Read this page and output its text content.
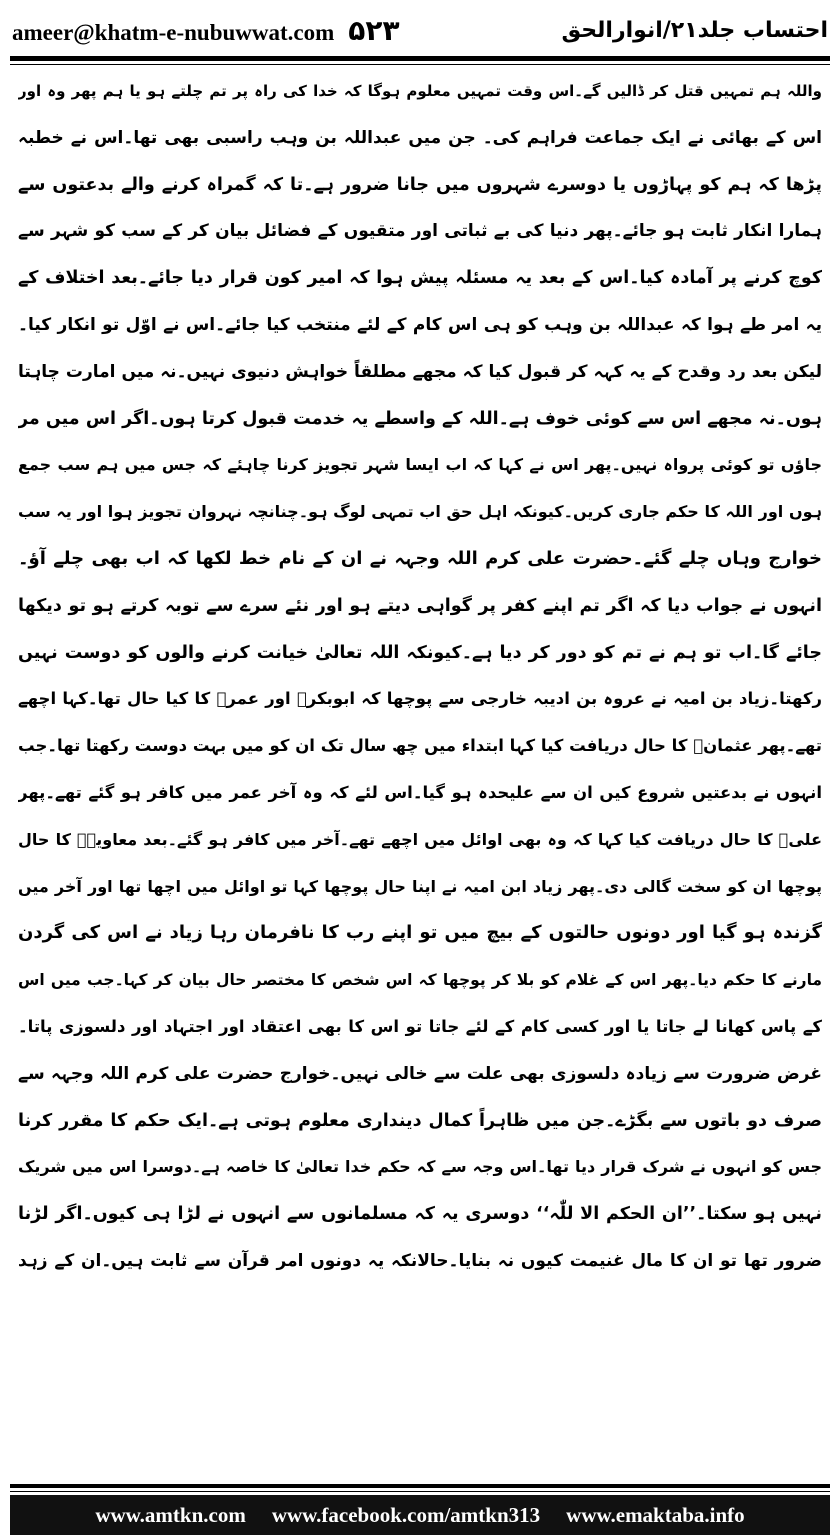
ameer@khatm-e-nubuwwat.com ۵۲۳	احتساب جلد۲۱/انوارالحق
واللہ ہم تمہیں قتل کر ڈالیں گے۔اس وقت تمہیں معلوم ہوگا کہ خدا کی راہ پر تم چلتے ہو یا ہم پھر وہ اور
اس کے بھائی نے ایک جماعت فراہم کی۔ جن میں عبداللہ بن وہب راسبی بھی تھا۔اس نے خطبہ
پڑھا کہ ہم کو پہاڑوں یا دوسرے شہروں میں جانا ضرور ہے۔تا کہ گمراہ کرنے والے بدعتوں سے
ہمارا انکار ثابت ہو جائے۔پھر دنیا کی بے ثباتی اور متقیوں کے فضائل بیان کر کے سب کو شہر سے
کوچ کرنے پر آمادہ کیا۔اس کے بعد یہ مسئلہ پیش ہوا کہ امیر کون قرار دیا جائے۔بعد اختلاف کے
یہ امر طے ہوا کہ عبداللہ بن وہب کو ہی اس کام کے لئے منتخب کیا جائے۔اس نے اوّل تو انکار کیا۔
لیکن بعد رد وقدح کے یہ کہہ کر قبول کیا کہ مجھے مطلقاً خواہش دنیوی نہیں۔نہ میں امارت چاہتا
ہوں۔نہ مجھے اس سے کوئی خوف ہے۔اللہ کے واسطے یہ خدمت قبول کرتا ہوں۔اگر اس میں مر
جاؤں تو کوئی پرواہ نہیں۔پھر اس نے کہا کہ اب ایسا شہر تجویز کرنا چاہئے کہ جس میں ہم سب جمع
ہوں اور اللہ کا حکم جاری کریں۔کیونکہ اہل حق اب تمہی لوگ ہو۔چنانچہ نہروان تجویز ہوا اور یہ سب
خوارج وہاں چلے گئے۔حضرت علی کرم اللہ وجہہ نے ان کے نام خط لکھا کہ اب بھی چلے آؤ۔
انہوں نے جواب دیا کہ اگر تم اپنے کفر پر گواہی دیتے ہو اور نئے سرے سے توبہ کرتے ہو تو دیکھا
جائے گا۔اب تو ہم نے تم کو دور کر دیا ہے۔کیونکہ اللہ تعالیٰ خیانت کرنے والوں کو دوست نہیں
رکھتا۔زیاد بن امیہ نے عروہ بن ادیبہ خارجی سے پوچھا کہ ابوبکرؓ اور عمرؓ کا کیا حال تھا۔کہا اچھے
تھے۔پھر عثمانؓ کا حال دریافت کیا کہا ابتداء میں چھ سال تک ان کو میں بہت دوست رکھتا تھا۔جب
انہوں نے بدعتیں شروع کیں ان سے علیحدہ ہو گیا۔اس لئے کہ وہ آخر عمر میں کافر ہو گئے تھے۔پھر
علیؓ کا حال دریافت کیا کہا کہ وہ بھی اوائل میں اچھے تھے۔آخر میں کافر ہو گئے۔بعد معاویہؓ کا حال
پوچھا ان کو سخت گالی دی۔پھر زیاد ابن امیہ نے اپنا حال پوچھا کہا تو اوائل میں اچھا تھا اور آخر میں
گزندہ ہو گیا اور دونوں حالتوں کے بیچ میں تو اپنے رب کا نافرمان رہا زیاد نے اس کی گردن
مارنے کا حکم دیا۔پھر اس کے غلام کو بلا کر پوچھا کہ اس شخص کا مختصر حال بیان کر کہا۔جب میں اس
کے پاس کھانا لے جاتا یا اور کسی کام کے لئے جاتا تو اس کا بھی اعتقاد اور اجتہاد اور دلسوزی پاتا۔
غرض ضرورت سے زیادہ دلسوزی بھی علت سے خالی نہیں۔خوارج حضرت علی کرم اللہ وجہہ سے
صرف دو باتوں سے بگڑے۔جن میں ظاہراً کمال دینداری معلوم ہوتی ہے۔ایک حکم کا مقرر کرنا
جس کو انہوں نے شرک قرار دیا تھا۔اس وجہ سے کہ حکم خدا تعالیٰ کا خاصہ ہے۔دوسرا اس میں شریک
نہیں ہو سکتا۔’’ان الحکم الا للّٰہ‘‘ دوسری یہ کہ مسلمانوں سے انہوں نے لڑا ہی کیوں۔اگر لڑنا
ضرور تھا تو ان کا مال غنیمت کیوں نہ بنایا۔حالانکہ یہ دونوں امر قرآن سے ثابت ہیں۔ان کے زہد
www.amtkn.com www.facebook.com/amtkn313 www.emaktaba.info
